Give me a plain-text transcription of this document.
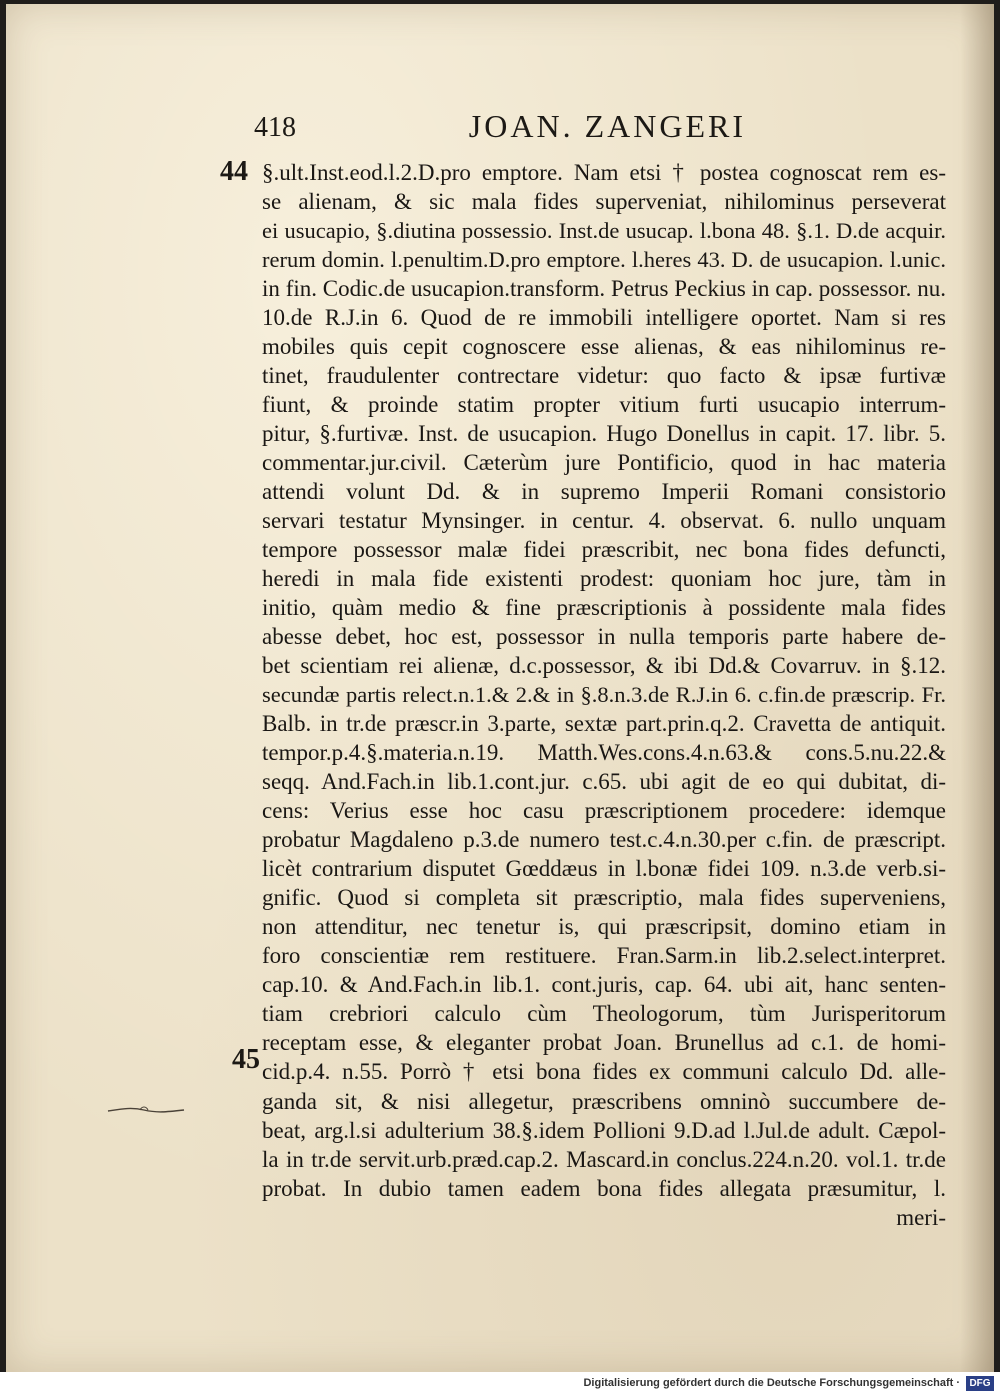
418	JOAN. ZANGERI
44
45
§.ult.Inst.eod.l.2.D.pro emptore. Nam etsi † postea cognoscat rem es-
se alienam, & sic mala fides superveniat, nihilominus perseverat
ei usucapio, §.diutina possessio. Inst.de usucap. l.bona 48. §.1. D.de acquir.
rerum domin. l.penultim.D.pro emptore. l.heres 43. D. de usucapion. l.unic.
in fin. Codic.de usucapion.transform. Petrus Peckius in cap. possessor. nu.
10.de R.J.in 6. Quod de re immobili intelligere oportet. Nam si res
mobiles quis cepit cognoscere esse alienas, & eas nihilominus re-
tinet, fraudulenter contrectare videtur: quo facto & ipsæ furtivæ
fiunt, & proinde statim propter vitium furti usucapio interrum-
pitur, §.furtivæ. Inst. de usucapion. Hugo Donellus in capit. 17. libr. 5.
commentar.jur.civil. Cæterùm jure Pontificio, quod in hac materia
attendi volunt Dd. & in supremo Imperii Romani consistorio
servari testatur Mynsinger. in centur. 4. observat. 6. nullo unquam
tempore possessor malæ fidei præscribit, nec bona fides defuncti,
heredi in mala fide existenti prodest: quoniam hoc jure, tàm in
initio, quàm medio & fine præscriptionis à possidente mala fides
abesse debet, hoc est, possessor in nulla temporis parte habere de-
bet scientiam rei alienæ, d.c.possessor, & ibi Dd.& Covarruv. in §.12.
secundæ partis relect.n.1.& 2.& in §.8.n.3.de R.J.in 6. c.fin.de præscrip. Fr.
Balb. in tr.de præscr.in 3.parte, sextæ part.prin.q.2. Cravetta de antiquit.
tempor.p.4.§.materia.n.19. Matth.Wes.cons.4.n.63.& cons.5.nu.22.&
seqq. And.Fach.in lib.1.cont.jur. c.65. ubi agit de eo qui dubitat, di-
cens: Verius esse hoc casu præscriptionem procedere: idemque
probatur Magdaleno p.3.de numero test.c.4.n.30.per c.fin. de præscript.
licèt contrarium disputet Gœddæus in l.bonæ fidei 109. n.3.de verb.si-
gnific. Quod si completa sit præscriptio, mala fides superveniens,
non attenditur, nec tenetur is, qui præscripsit, domino etiam in
foro conscientiæ rem restituere. Fran.Sarm.in lib.2.select.interpret.
cap.10. & And.Fach.in lib.1. cont.juris, cap. 64. ubi ait, hanc senten-
tiam crebriori calculo cùm Theologorum, tùm Jurisperitorum
receptam esse, & eleganter probat Joan. Brunellus ad c.1. de homi-
cid.p.4. n.55. Porrò † etsi bona fides ex communi calculo Dd. alle-
ganda sit, & nisi allegetur, præscribens omninò succumbere de-
beat, arg.l.si adulterium 38.§.idem Pollioni 9.D.ad l.Jul.de adult. Cæpol-
la in tr.de servit.urb.præd.cap.2. Mascard.in conclus.224.n.20. vol.1. tr.de
probat. In dubio tamen eadem bona fides allegata præsumitur, l.
meri-
Digitalisierung gefördert durch die Deutsche Forschungsgemeinschaft · DFG
